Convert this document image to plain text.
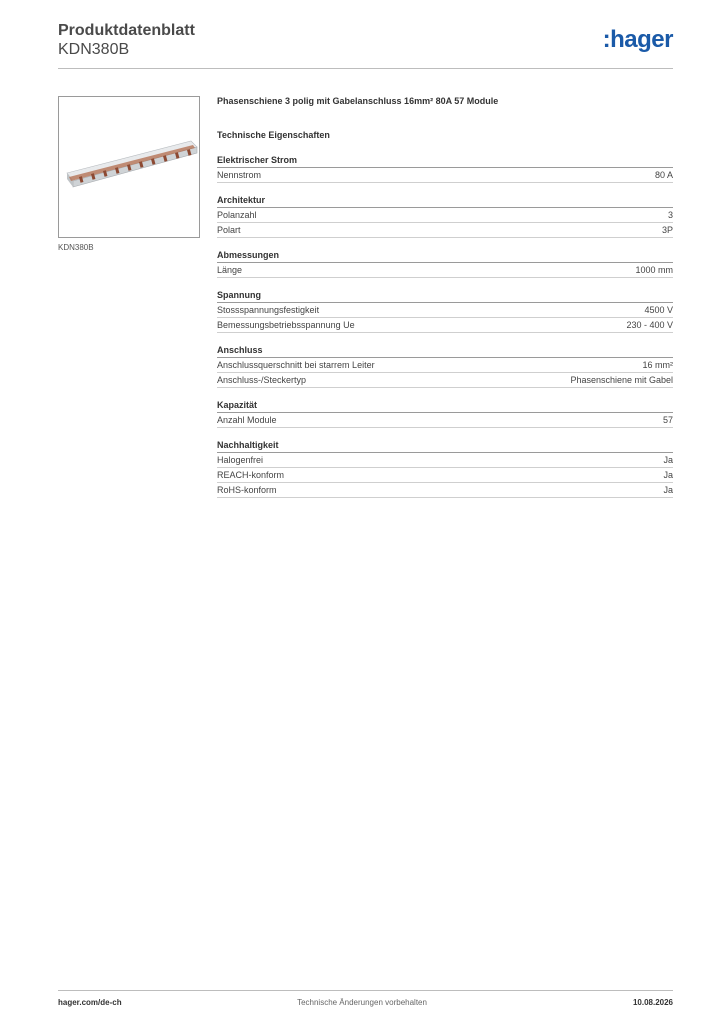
Produktdatenblatt
KDN380B	:hager
KDN380B
Phasenschiene 3 polig mit Gabelanschluss 16mm² 80A 57 Module
Technische Eigenschaften
Elektrischer Strom
Nennstrom	80 A
Architektur
Polanzahl	3
Polart	3P
Abmessungen
Länge	1000 mm
Spannung
Stossspannungsfestigkeit	4500 V
Bemessungsbetriebsspannung Ue	230 - 400 V
Anschluss
Anschlussquerschnitt bei starrem Leiter	16 mm²
Anschluss-/Steckertyp	Phasenschiene mit Gabel
Kapazität
Anzahl Module	57
Nachhaltigkeit
Halogenfrei	Ja
REACH-konform	Ja
RoHS-konform	Ja
hager.com/de-ch	Technische Änderungen vorbehalten	10.08.2026
